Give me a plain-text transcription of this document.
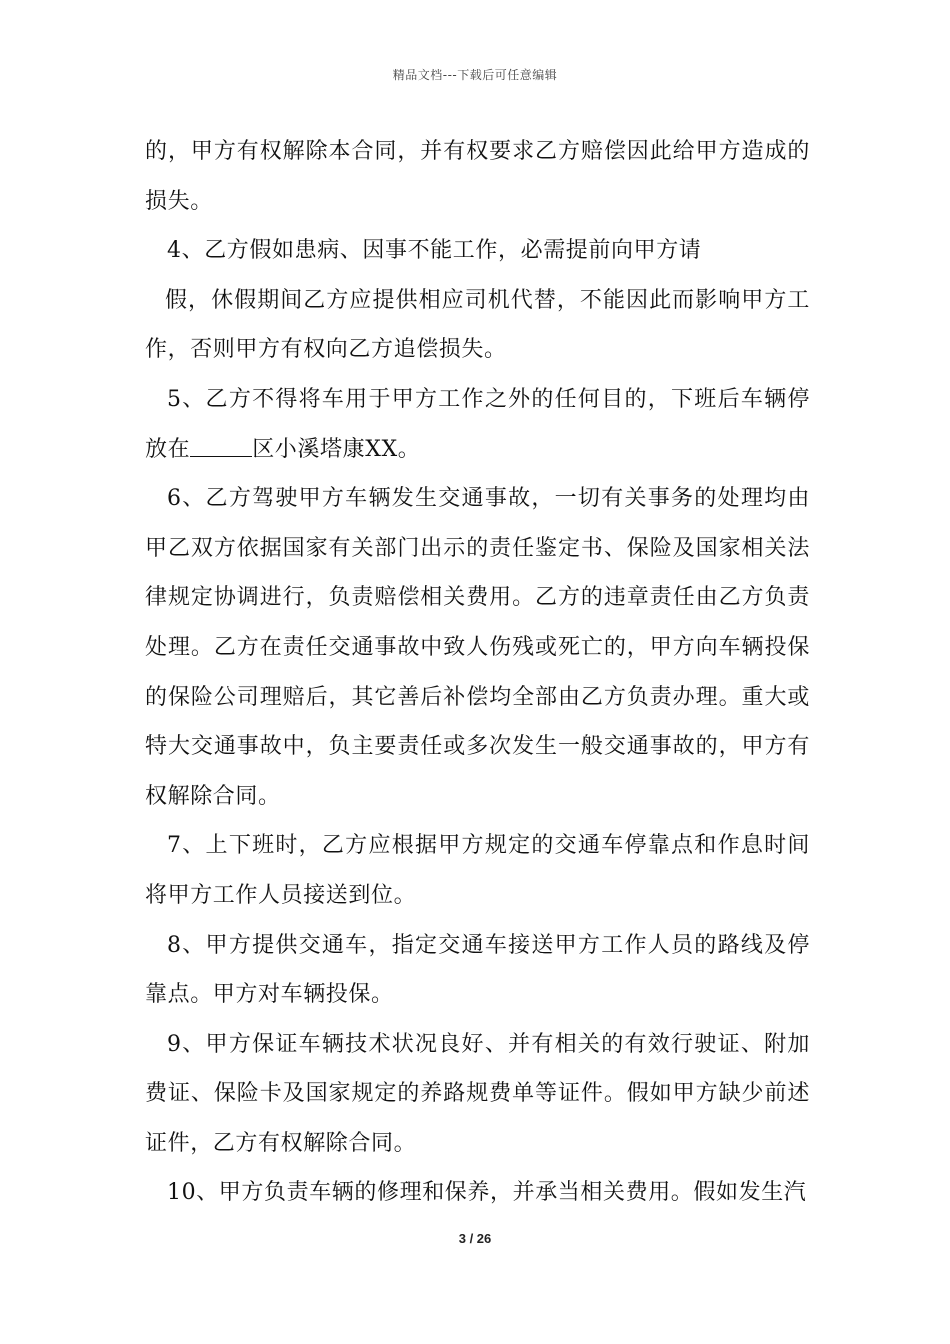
精品文档---下载后可任意编辑

的，甲方有权解除本合同，并有权要求乙方赔偿因此给甲方造成的损失。

4、乙方假如患病、因事不能工作，必需提前向甲方请

假，休假期间乙方应提供相应司机代替，不能因此而影响甲方工作，否则甲方有权向乙方追偿损失。

5、乙方不得将车用于甲方工作之外的任何目的，下班后车辆停放在	区小溪塔康XX。

6、乙方驾驶甲方车辆发生交通事故，一切有关事务的处理均由甲乙双方依据国家有关部门出示的责任鉴定书、保险及国家相关法律规定协调进行，负责赔偿相关费用。乙方的违章责任由乙方负责处理。乙方在责任交通事故中致人伤残或死亡的，甲方向车辆投保的保险公司理赔后，其它善后补偿均全部由乙方负责办理。重大或特大交通事故中，负主要责任或多次发生一般交通事故的，甲方有权解除合同。

7、上下班时，乙方应根据甲方规定的交通车停靠点和作息时间将甲方工作人员接送到位。

8、甲方提供交通车，指定交通车接送甲方工作人员的路线及停靠点。甲方对车辆投保。

9、甲方保证车辆技术状况良好、并有相关的有效行驶证、附加费证、保险卡及国家规定的养路规费单等证件。假如甲方缺少前述证件，乙方有权解除合同。

10、甲方负责车辆的修理和保养，并承当相关费用。假如发生汽

3 / 26
